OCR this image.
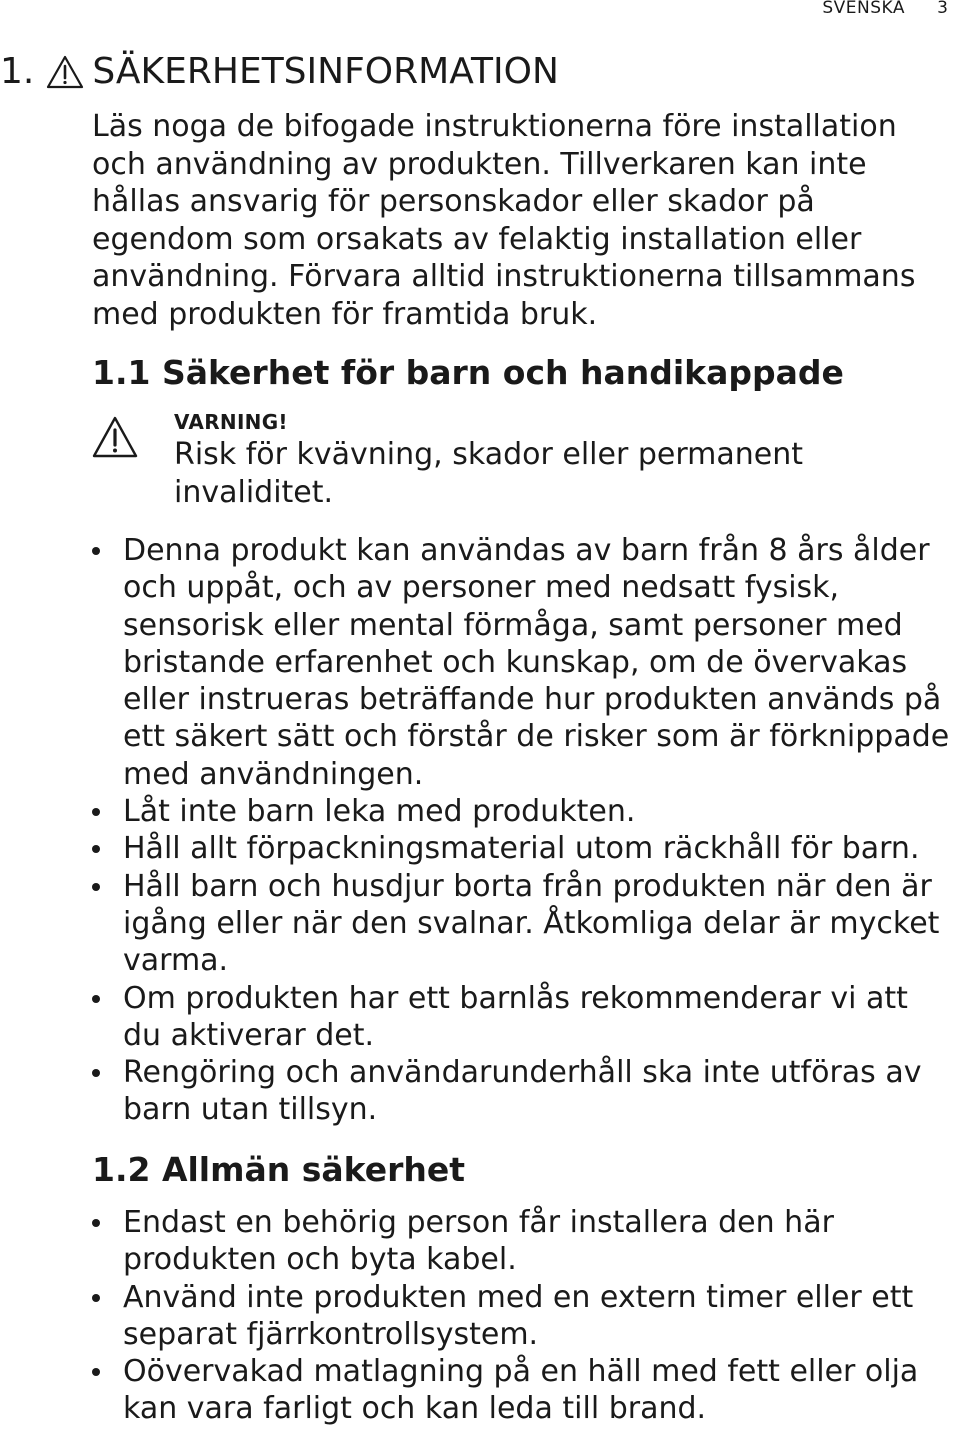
SVENSKA 3
1. SÄKERHETSINFORMATION

Läs noga de bifogade instruktionerna före installation
och användning av produkten. Tillverkaren kan inte
hållas ansvarig för personskador eller skador på
egendom som orsakats av felaktig installation eller
användning. Förvara alltid instruktionerna tillsammans
med produkten för framtida bruk.

1.1 Säkerhet för barn och handikappade
VARNING!

Risk för kvävning, skador eller permanent
invaliditet.

Denna produkt kan användas av barn från 8 års ålder
och uppåt, och av personer med nedsatt fysisk,
sensorisk eller mental förmåga, samt personer med
bristande erfarenhet och kunskap, om de övervakas
eller instrueras beträffande hur produkten används på
ett säkert sätt och förstår de risker som är förknippade
med användningen.
Låt inte barn leka med produkten.
Håll allt förpackningsmaterial utom räckhåll för barn.
Håll barn och husdjur borta från produkten när den är
igång eller när den svalnar. Åtkomliga delar är mycket
varma.
Om produkten har ett barnlås rekommenderar vi att
du aktiverar det.
Rengöring och användarunderhåll ska inte utföras av
barn utan tillsyn.
1.2 Allmän säkerhet
Endast en behörig person får installera den här
produkten och byta kabel.
Använd inte produkten med en extern timer eller ett
separat fjärrkontrollsystem.
Oövervakad matlagning på en häll med fett eller olja
kan vara farligt och kan leda till brand.
